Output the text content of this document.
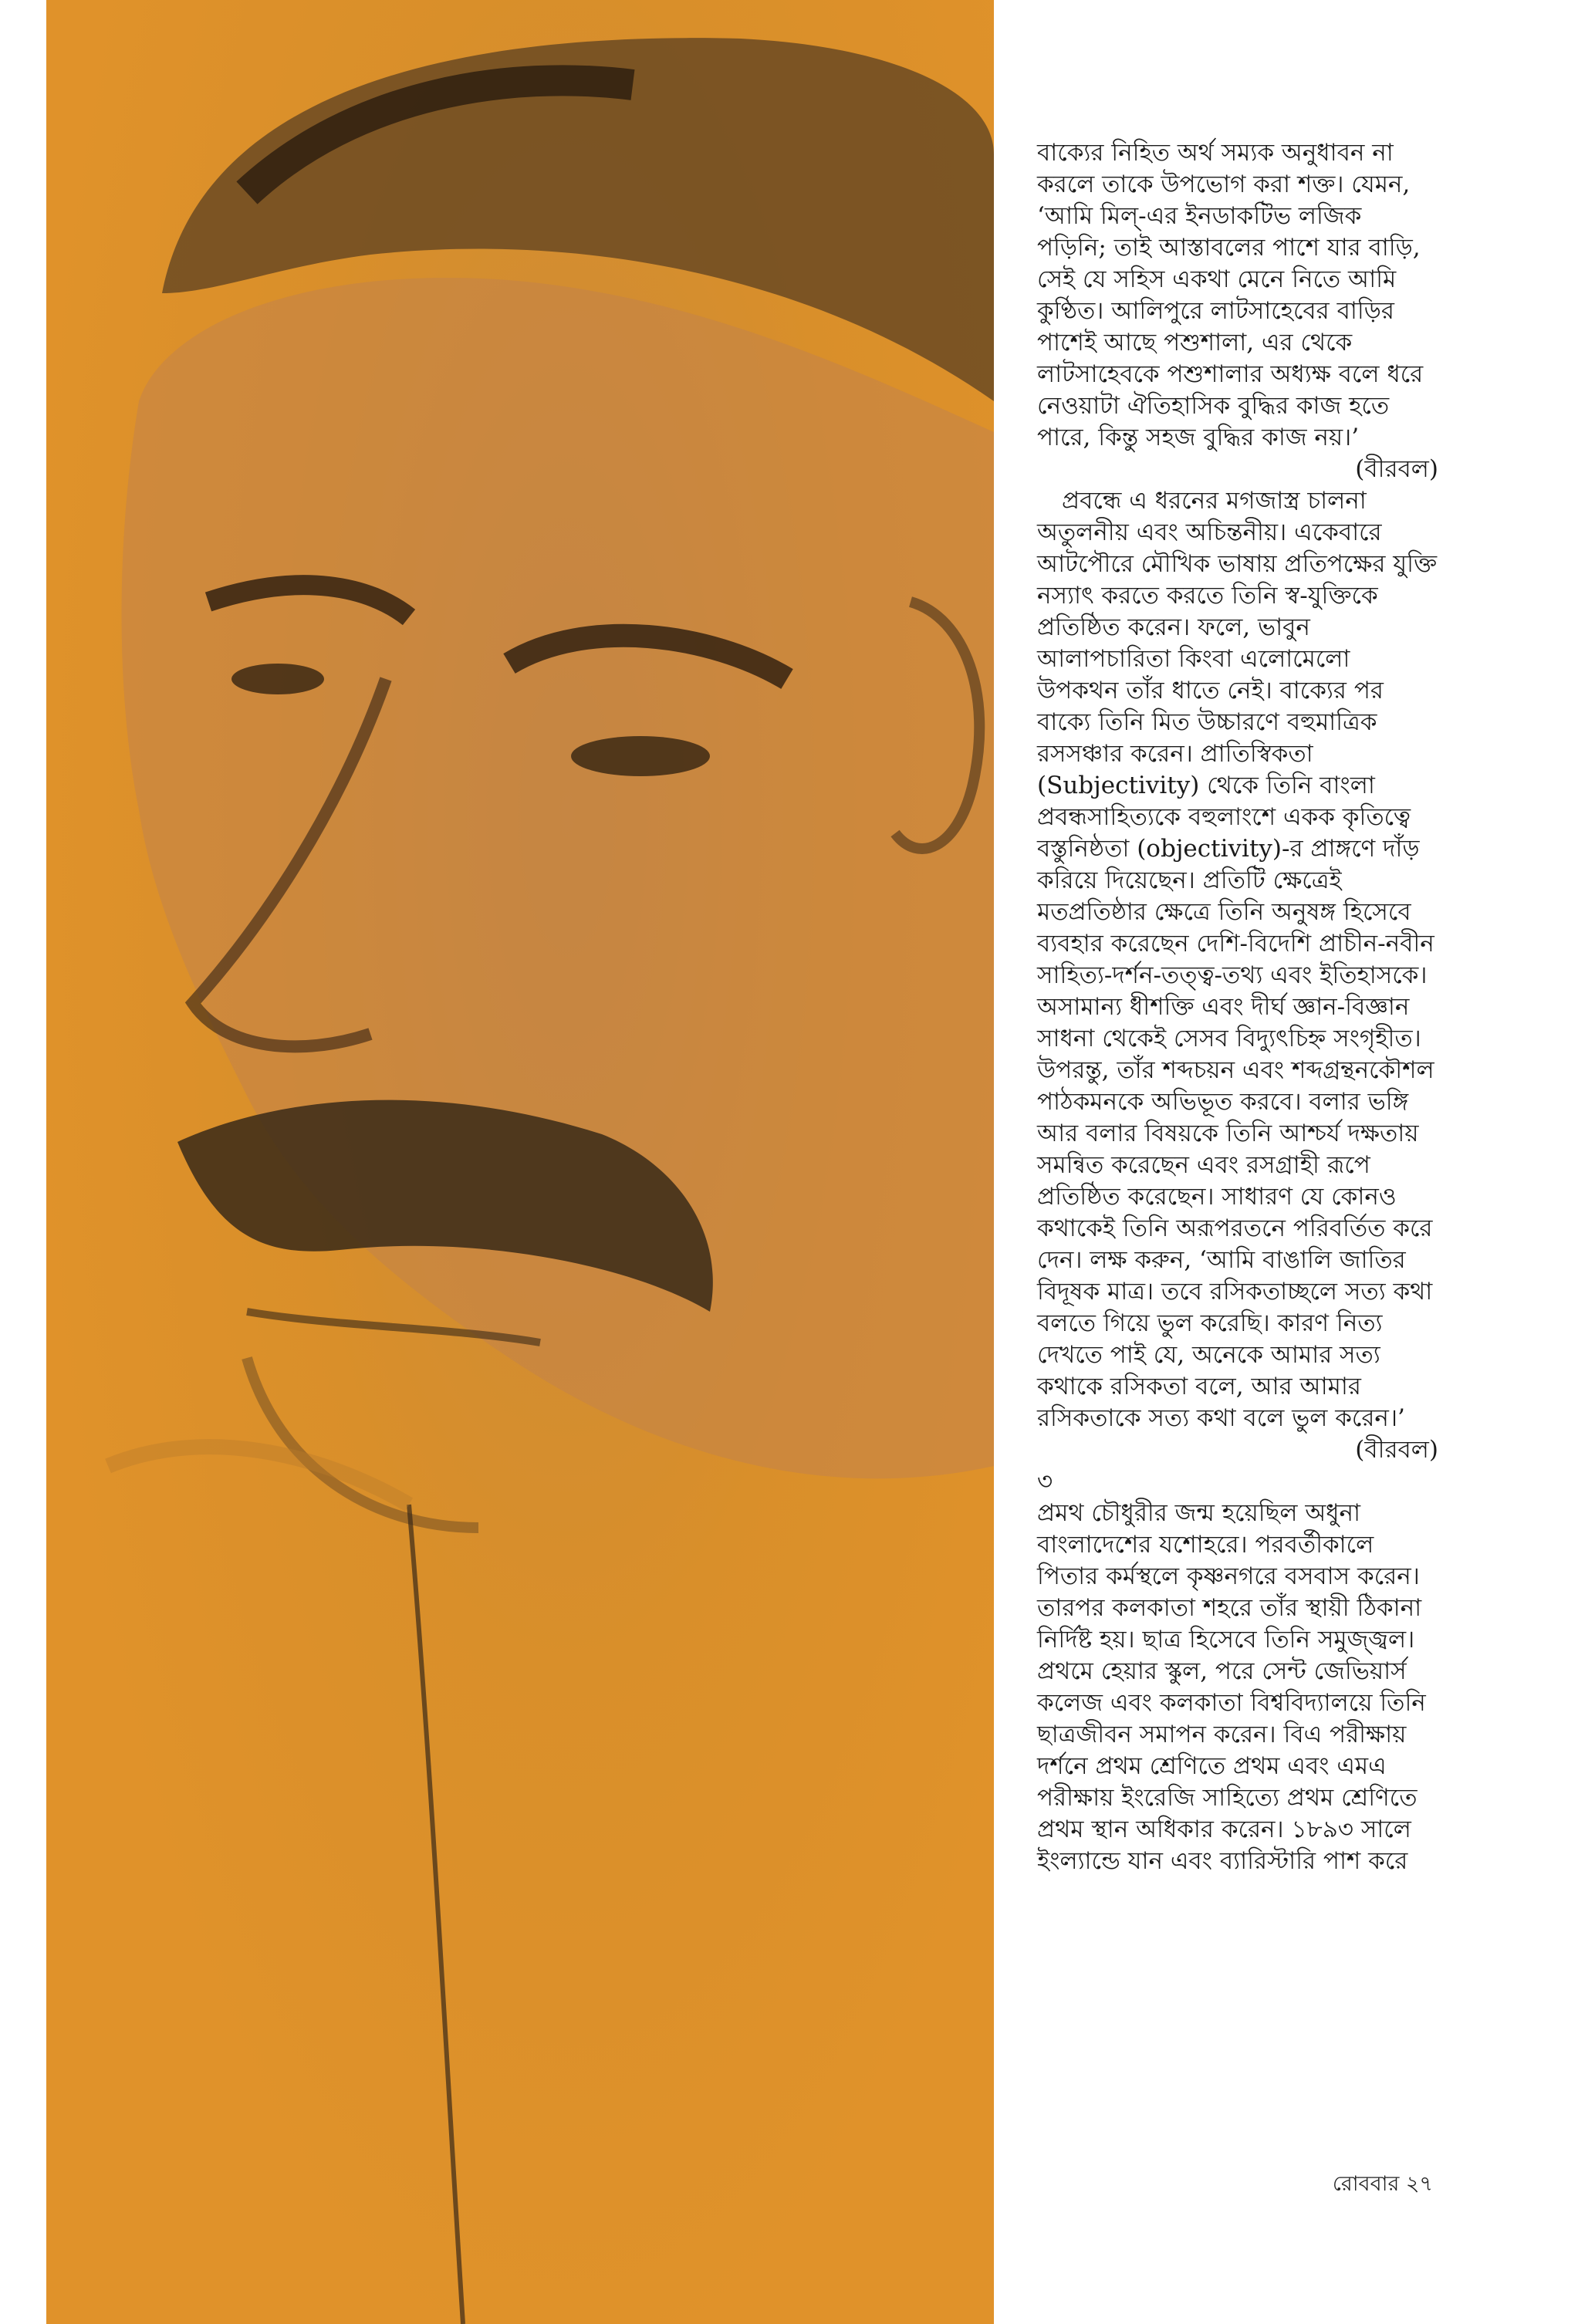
বাক্যের নিহিত অর্থ সম্যক অনুধাবন না করলে তাকে উপভোগ করা শক্ত। যেমন, ‘আমি মিল্‌-এর ইনডাকটিভ লজিক পড়িনি; তাই আস্তাবলের পাশে যার বাড়ি, সেই যে সহিস একথা মেনে নিতে আমি কুণ্ঠিত। আলিপুরে লাটসাহেবের বাড়ির পাশেই আছে পশুশালা, এর থেকে লাটসাহেবকে পশুশালার অধ্যক্ষ বলে ধরে নেওয়াটা ঐতিহাসিক বুদ্ধির কাজ হতে পারে, কিন্তু সহজ বুদ্ধির কাজ নয়।’

(বীরবল)

প্রবন্ধে এ ধরনের মগজাস্ত্র চালনা অতুলনীয় এবং অচিন্তনীয়। একেবারে আটপৌরে মৌখিক ভাষায় প্রতিপক্ষের যুক্তি নস্যাৎ করতে করতে তিনি স্ব-যুক্তিকে প্রতিষ্ঠিত করেন। ফলে, ভাবুন আলাপচারিতা কিংবা এলোমেলো উপকথন তাঁর ধাতে নেই। বাক্যের পর বাক্যে তিনি মিত উচ্চারণে বহুমাত্রিক রসসঞ্চার করেন। প্রাতিস্বিকতা (Subjectivity) থেকে তিনি বাংলা প্রবন্ধসাহিত্যকে বহুলাংশে একক কৃতিত্বে বস্তুনিষ্ঠতা (objectivity)-র প্রাঙ্গণে দাঁড় করিয়ে দিয়েছেন। প্রতিটি ক্ষেত্রেই মতপ্রতিষ্ঠার ক্ষেত্রে তিনি অনুষঙ্গ হিসেবে ব্যবহার করেছেন দেশি-বিদেশি প্রাচীন-নবীন সাহিত্য-দর্শন-তত্ত্ব-তথ্য এবং ইতিহাসকে। অসামান্য ধীশক্তি এবং দীর্ঘ জ্ঞান-বিজ্ঞান সাধনা থেকেই সেসব বিদ্যুৎচিহ্ন সংগৃহীত। উপরন্তু, তাঁর শব্দচয়ন এবং শব্দগ্রন্থনকৌশল পাঠকমনকে অভিভূত করবে। বলার ভঙ্গি আর বলার বিষয়কে তিনি আশ্চর্য দক্ষতায় সমন্বিত করেছেন এবং রসগ্রাহী রূপে প্রতিষ্ঠিত করেছেন। সাধারণ যে কোনও কথাকেই তিনি অরূপরতনে পরিবর্তিত করে দেন। লক্ষ করুন, ‘আমি বাঙালি জাতির বিদূষক মাত্র। তবে রসিকতাচ্ছলে সত্য কথা বলতে গিয়ে ভুল করেছি। কারণ নিত্য দেখতে পাই যে, অনেকে আমার সত্য কথাকে রসিকতা বলে, আর আমার রসিকতাকে সত্য কথা বলে ভুল করেন।’

(বীরবল)

৩

প্রমথ চৌধুরীর জন্ম হয়েছিল অধুনা বাংলাদেশের যশোহরে। পরবর্তীকালে পিতার কর্মস্থলে কৃষ্ণনগরে বসবাস করেন। তারপর কলকাতা শহরে তাঁর স্থায়ী ঠিকানা নির্দিষ্ট হয়। ছাত্র হিসেবে তিনি সমুজ্জ্বল। প্রথমে হেয়ার স্কুল, পরে সেন্ট জেভিয়ার্স কলেজ এবং কলকাতা বিশ্ববিদ্যালয়ে তিনি ছাত্রজীবন সমাপন করেন। বিএ পরীক্ষায় দর্শনে প্রথম শ্রেণিতে প্রথম এবং এমএ পরীক্ষায় ইংরেজি সাহিত্যে প্রথম শ্রেণিতে প্রথম স্থান অধিকার করেন। ১৮৯৩ সালে ইংল্যান্ডে যান এবং ব্যারিস্টারি পাশ করে

রোববার ২৭
